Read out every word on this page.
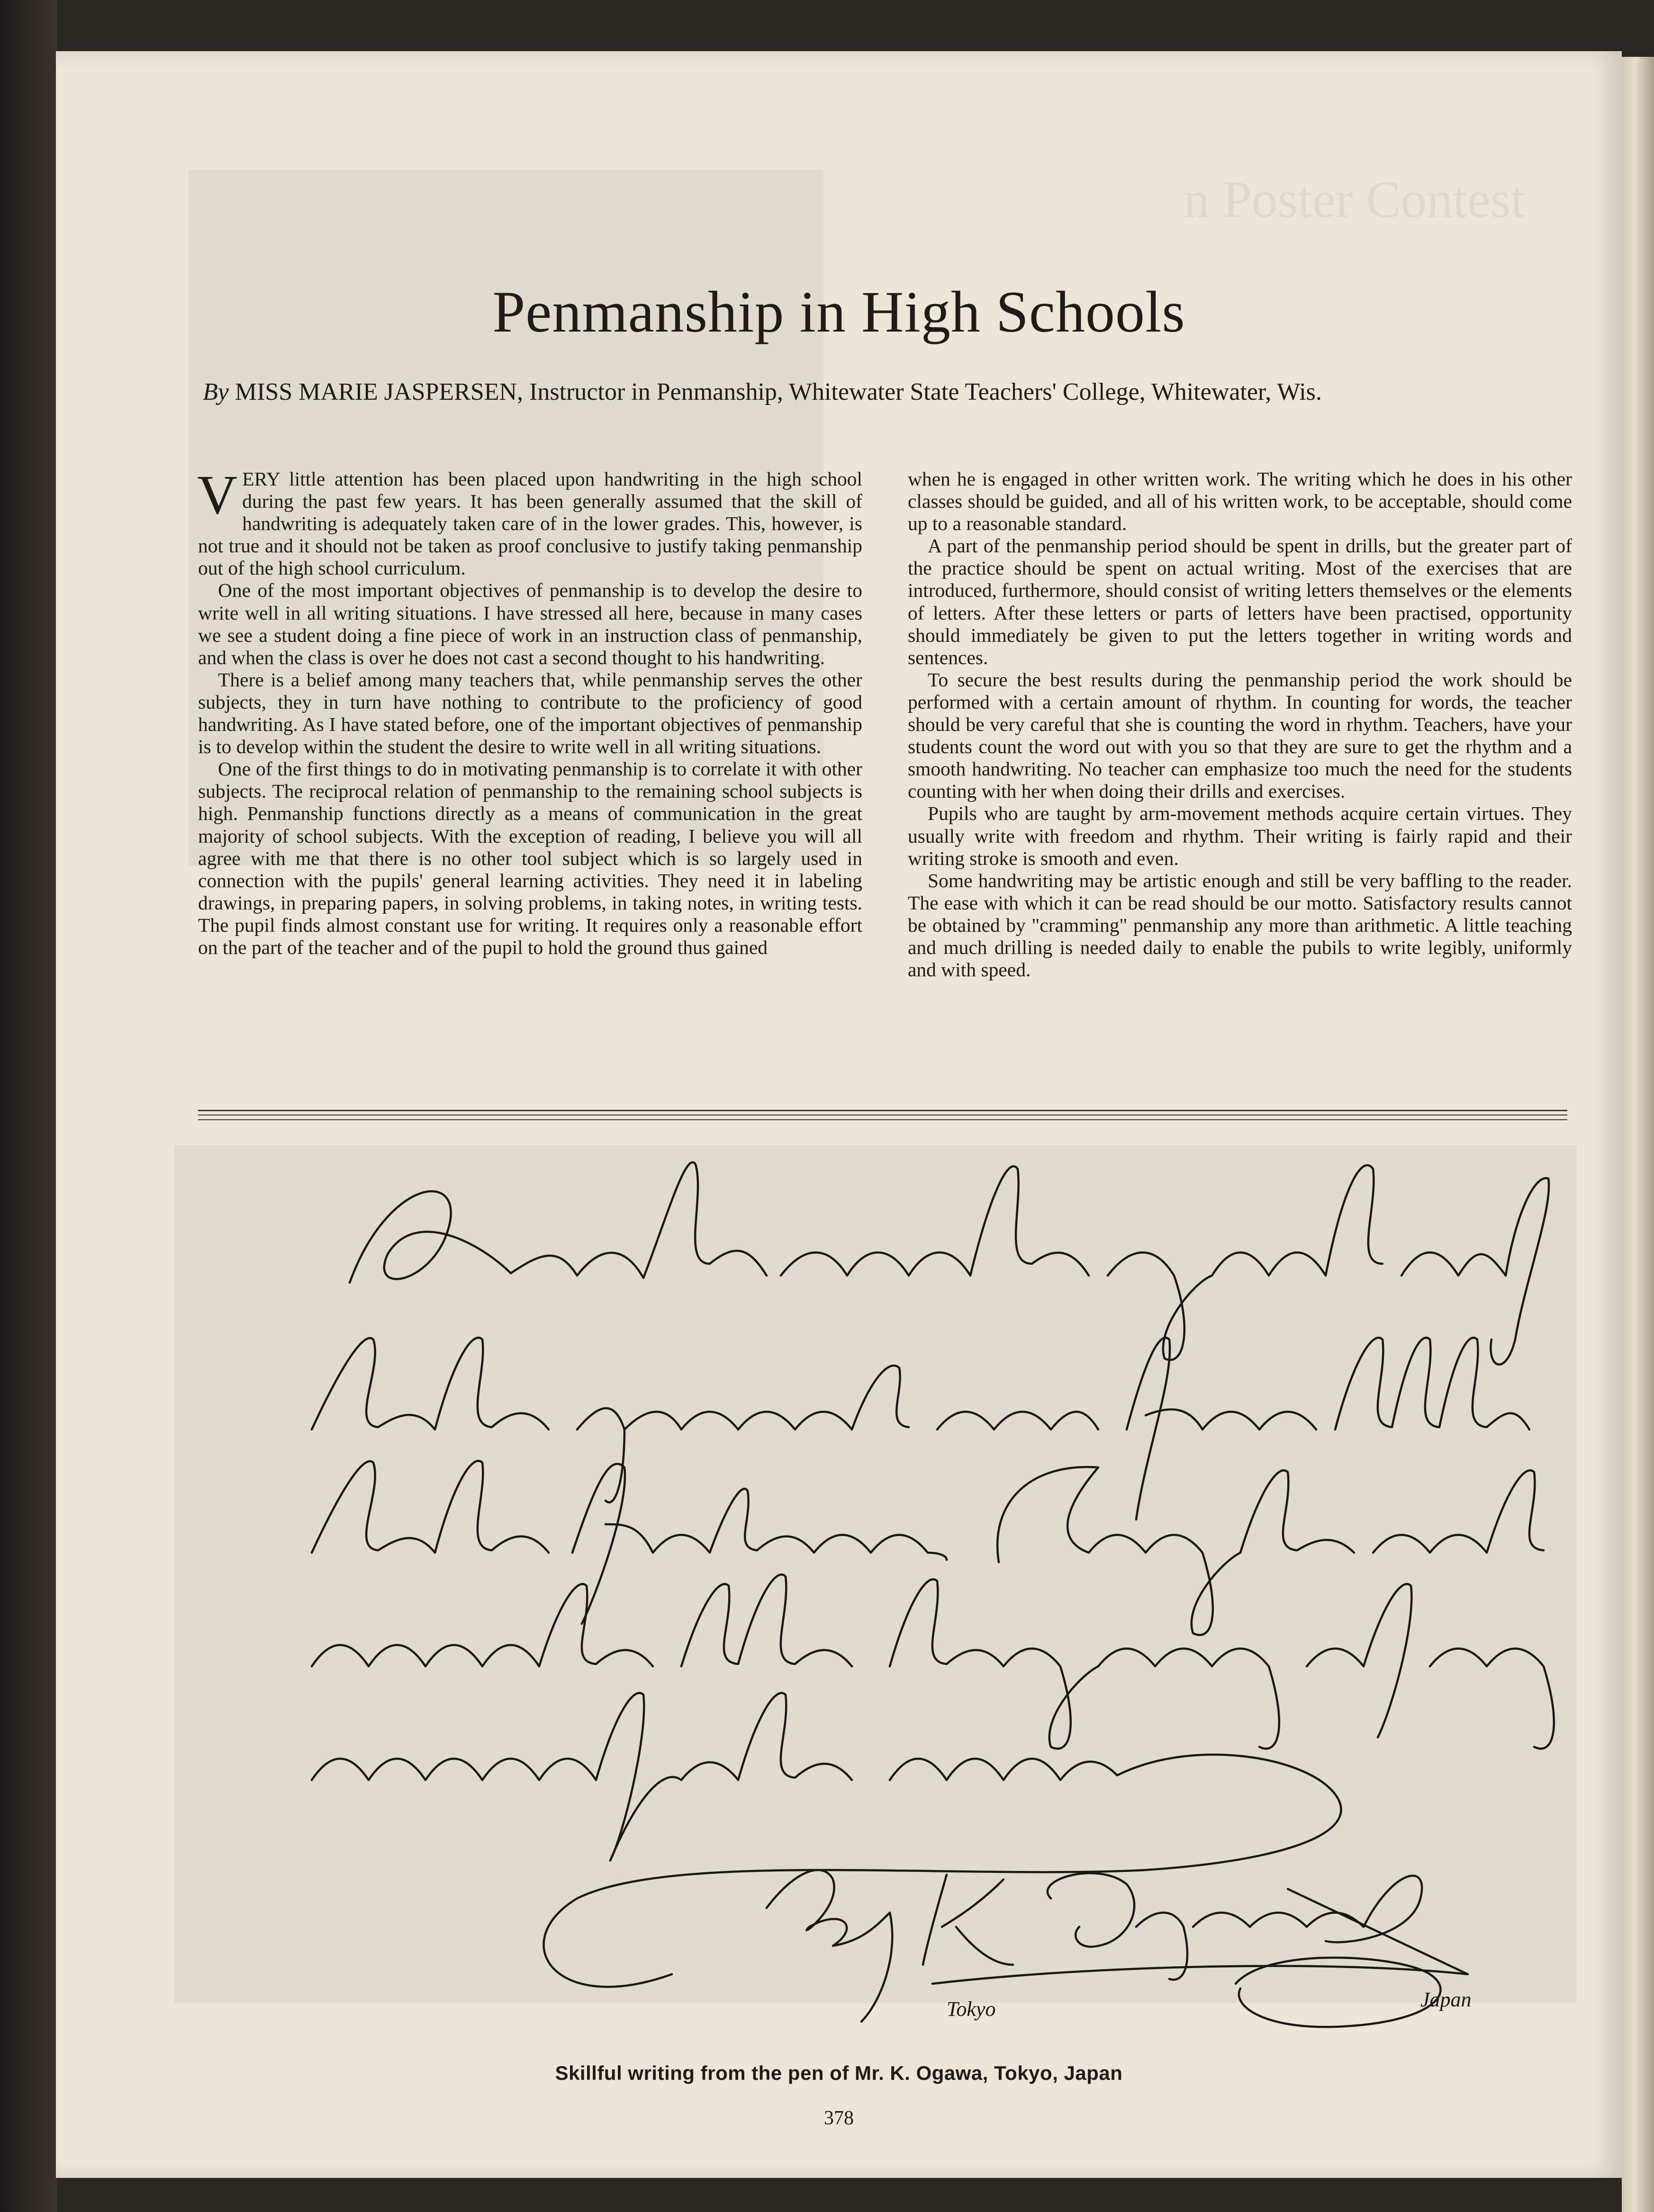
n Poster Contest
Penmanship in High Schools
By MISS MARIE JASPERSEN, Instructor in Penmanship, Whitewater State Teachers' College, Whitewater, Wis.

VERY little attention has been placed upon handwriting in the high school during the past few years. It has been generally assumed that the skill of handwriting is adequately taken care of in the lower grades. This, however, is not true and it should not be taken as proof conclusive to justify taking penmanship out of the high school curriculum.

One of the most important objectives of penmanship is to develop the desire to write well in all writing situations. I have stressed all here, because in many cases we see a student doing a fine piece of work in an instruction class of penmanship, and when the class is over he does not cast a second thought to his handwriting.

There is a belief among many teachers that, while penmanship serves the other subjects, they in turn have nothing to contribute to the proficiency of good handwriting. As I have stated before, one of the important objectives of penmanship is to develop within the student the desire to write well in all writing situations.

One of the first things to do in motivating penmanship is to correlate it with other subjects. The reciprocal relation of penmanship to the remaining school subjects is high. Penmanship functions directly as a means of communication in the great majority of school subjects. With the exception of reading, I believe you will all agree with me that there is no other tool subject which is so largely used in connection with the pupils' general learning activities. They need it in labeling drawings, in preparing papers, in solving problems, in taking notes, in writing tests. The pupil finds almost constant use for writing. It requires only a reasonable effort on the part of the teacher and of the pupil to hold the ground thus gained

when he is engaged in other written work. The writing which he does in his other classes should be guided, and all of his written work, to be acceptable, should come up to a reasonable standard.

A part of the penmanship period should be spent in drills, but the greater part of the practice should be spent on actual writing. Most of the exercises that are introduced, furthermore, should consist of writing letters themselves or the elements of letters. After these letters or parts of letters have been practised, opportunity should immediately be given to put the letters together in writing words and sentences.

To secure the best results during the penmanship period the work should be performed with a certain amount of rhythm. In counting for words, the teacher should be very careful that she is counting the word in rhythm. Teachers, have your students count the word out with you so that they are sure to get the rhythm and a smooth handwriting. No teacher can emphasize too much the need for the students counting with her when doing their drills and exercises.

Pupils who are taught by arm-movement methods acquire certain virtues. They usually write with freedom and rhythm. Their writing is fairly rapid and their writing stroke is smooth and even.

Some handwriting may be artistic enough and still be very baffling to the reader. The ease with which it can be read should be our motto. Satisfactory results cannot be obtained by "cramming" penmanship any more than arithmetic. A little teaching and much drilling is needed daily to enable the pubils to write legibly, uniformly and with speed.

Tokyo	Japan
Skillful writing from the pen of Mr. K. Ogawa, Tokyo, Japan
378
